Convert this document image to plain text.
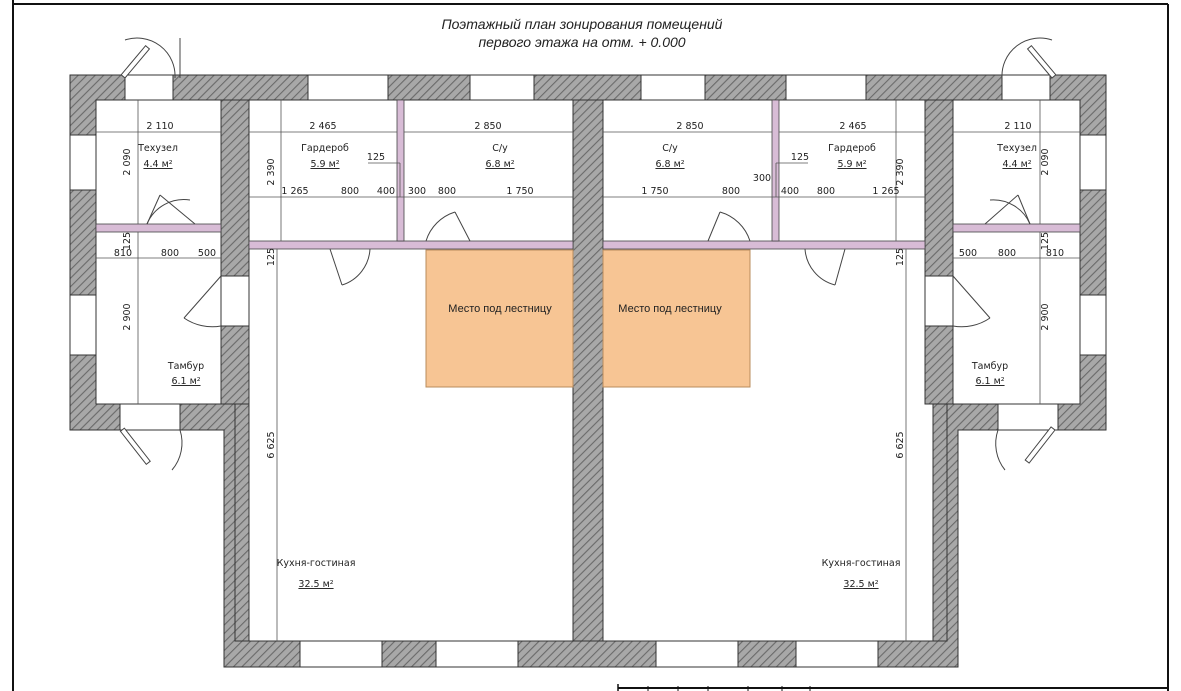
Поэтажный план зонирования помещений
первого этажа на отм. + 0.000
Место под лестницу	Место под лестницу
Техузел
4.4 м²
Гардероб
5.9 м²
С/у
6.8 м²
Тамбур
6.1 м²
Кухня-гостиная
32.5 м²
Техузел
4.4 м²
Гардероб
5.9 м²
С/у
6.8 м²
Тамбур
6.1 м²
Кухня-гостиная
32.5 м²
2 110	2 465	2 850
125
1 265	800 400 300 800	1 750
810	800 500
2 090
125
2 900
2 390
125
6 625
2 850	2 465	2 110
125
1 750	800
300
400 800	1 265
500 800	810
2 090
125
2 900
2 390
125
6 625
